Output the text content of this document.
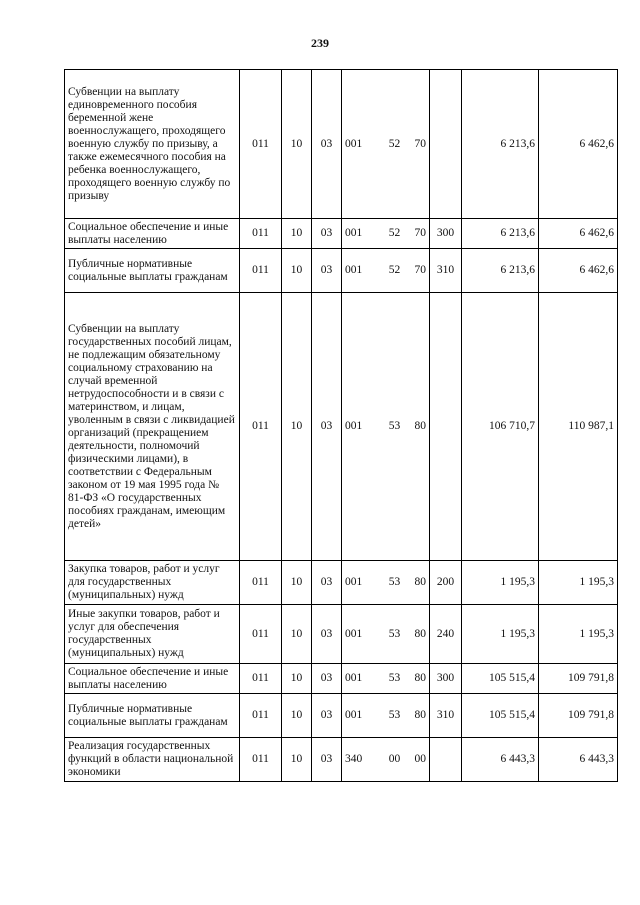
239
Субвенции на выплату единовременного пособия беременной жене военнослужащего, проходящего военную службу по призыву, а также ежемесячного пособия на ребенка военнослужащего, проходящего военную службу по призыву	011	10	03	001	52	70		6 213,6	6 462,6
Социальное обеспечение и иные выплаты населению	011	10	03	001	52	70	300	6 213,6	6 462,6
Публичные нормативные социальные выплаты гражданам	011	10	03	001	52	70	310	6 213,6	6 462,6
Субвенции на выплату государственных пособий лицам, не подлежащим обязательному социальному страхованию на случай временной нетрудоспособности и в связи с материнством, и лицам, уволенным в связи с ликвидацией организаций (прекращением деятельности, полномочий физическими лицами), в соответствии с Федеральным законом от 19 мая 1995 года № 81-ФЗ «О государственных пособиях гражданам, имеющим детей»	011	10	03	001	53	80		106 710,7	110 987,1
Закупка товаров, работ и услуг для государственных (муниципальных) нужд	011	10	03	001	53	80	200	1 195,3	1 195,3
Иные закупки товаров, работ и услуг для обеспечения государственных (муниципальных) нужд	011	10	03	001	53	80	240	1 195,3	1 195,3
Социальное обеспечение и иные выплаты населению	011	10	03	001	53	80	300	105 515,4	109 791,8
Публичные нормативные социальные выплаты гражданам	011	10	03	001	53	80	310	105 515,4	109 791,8
Реализация государственных функций в области национальной экономики	011	10	03	340	00	00		6 443,3	6 443,3
